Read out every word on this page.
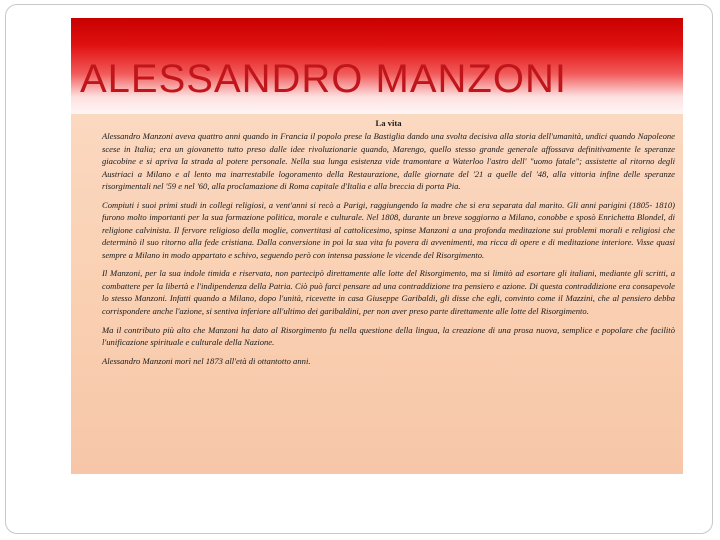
ALESSANDRO MANZONI
La vita

Alessandro Manzoni aveva quattro anni quando in Francia il popolo prese la Bastiglia dando una svolta decisiva alla storia dell'umanità, undici quando Napoleone scese in Italia; era un giovanetto tutto preso dalle idee rivoluzionarie quando, Marengo, quello stesso grande generale affossava definitivamente le speranze giacobine e si apriva la strada al potere personale. Nella sua lunga esistenza vide tramontare a Waterloo l'astro dell' "uomo fatale"; assistette al ritorno degli Austriaci a Milano e al lento ma inarrestabile logoramento della Restaurazione, dalle giornate del '21 a quelle del '48, alla vittoria infine delle speranze risorgimentali nel '59 e nel '60, alla proclamazione di Roma capitale d'Italia e alla breccia di porta Pia.

Compiuti i suoi primi studi in collegi religiosi, a vent'anni si recò a Parigi, raggiungendo la madre che si era separata dal marito. Gli anni parigini (1805- 1810) furono molto importanti per la sua formazione politica, morale e culturale. Nel 1808, durante un breve soggiorno a Milano, conobbe e sposò Enrichetta Blondel, di religione calvinista. Il fervore religioso della moglie, convertitasi al cattolicesimo, spinse Manzoni a una profonda meditazione sui problemi morali e religiosi che determinò il suo ritorno alla fede cristiana. Dalla conversione in poi la sua vita fu povera di avvenimenti, ma ricca di opere e di meditazione interiore. Visse quasi sempre a Milano in modo appartato e schivo, seguendo però con intensa passione le vicende del Risorgimento.

Il Manzoni, per la sua indole timida e riservata, non partecipò direttamente alle lotte del Risorgimento, ma si limitò ad esortare gli italiani, mediante gli scritti, a combattere per la libertà e l'indipendenza della Patria. Ciò può farci pensare ad una contraddizione tra pensiero e azione. Di questa contraddizione era consapevole lo stesso Manzoni. Infatti quando a Milano, dopo l'unità, ricevette in casa Giuseppe Garibaldi, gli disse che egli, convinto come il Mazzini, che al pensiero debba corrispondere anche l'azione, si sentiva inferiore all'ultimo dei garibaldini, per non aver preso parte direttamente alle lotte del Risorgimento.

Ma il contributo più alto che Manzoni ha dato al Risorgimento fu nella questione della lingua, la creazione di una prosa nuova, semplice e popolare che facilitò l'unificazione spirituale e culturale della Nazione.

Alessandro Manzoni morì nel 1873 all'età di ottantotto anni.
